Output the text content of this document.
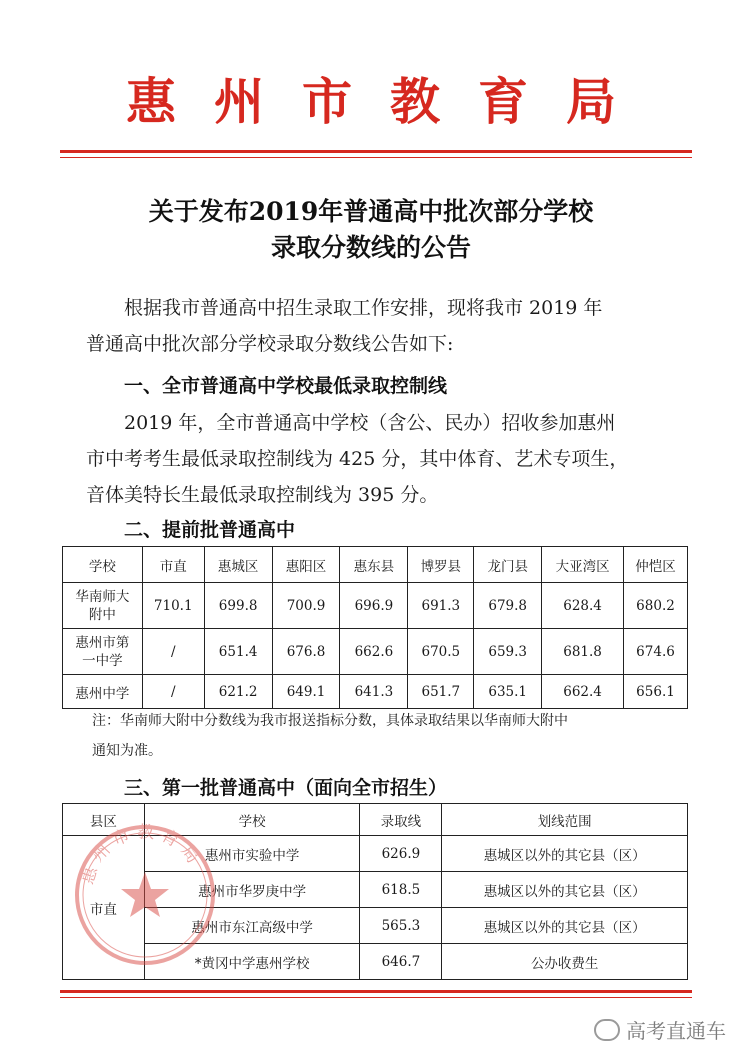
惠州市教育局
关于发布2019年普通高中批次部分学校
录取分数线的公告
根据我市普通高中招生录取工作安排，现将我市 2019 年
普通高中批次部分学校录取分数线公告如下:
一、全市普通高中学校最低录取控制线
2019 年，全市普通高中学校（含公、民办）招收参加惠州
市中考考生最低录取控制线为 425 分，其中体育、艺术专项生，
音体美特长生最低录取控制线为 395 分。
二、提前批普通高中
学校	市直	惠城区	惠阳区	惠东县	博罗县	龙门县	大亚湾区	仲恺区

华南师大
附中	710.1	699.8	700.9	696.9	691.3	679.8	628.4	680.2

惠州市第
一中学	/	651.4	676.8	662.6	670.5	659.3	681.8	674.6
惠州中学	/	621.2	649.1	641.3	651.7	635.1	662.4	656.1
注：华南师大附中分数线为我市报送指标分数，具体录取结果以华南师大附中
通知为准。
三、第一批普通高中（面向全市招生）
县区	学校	录取线	划线范围
市直	惠州市实验中学	626.9	惠城区以外的其它县（区）
	惠州市华罗庚中学	618.5	惠城区以外的其它县（区）
	惠州市东江高级中学	565.3	惠城区以外的其它县（区）
	*黄冈中学惠州学校	646.7	公办收费生
惠州市教育局
高考直通车
